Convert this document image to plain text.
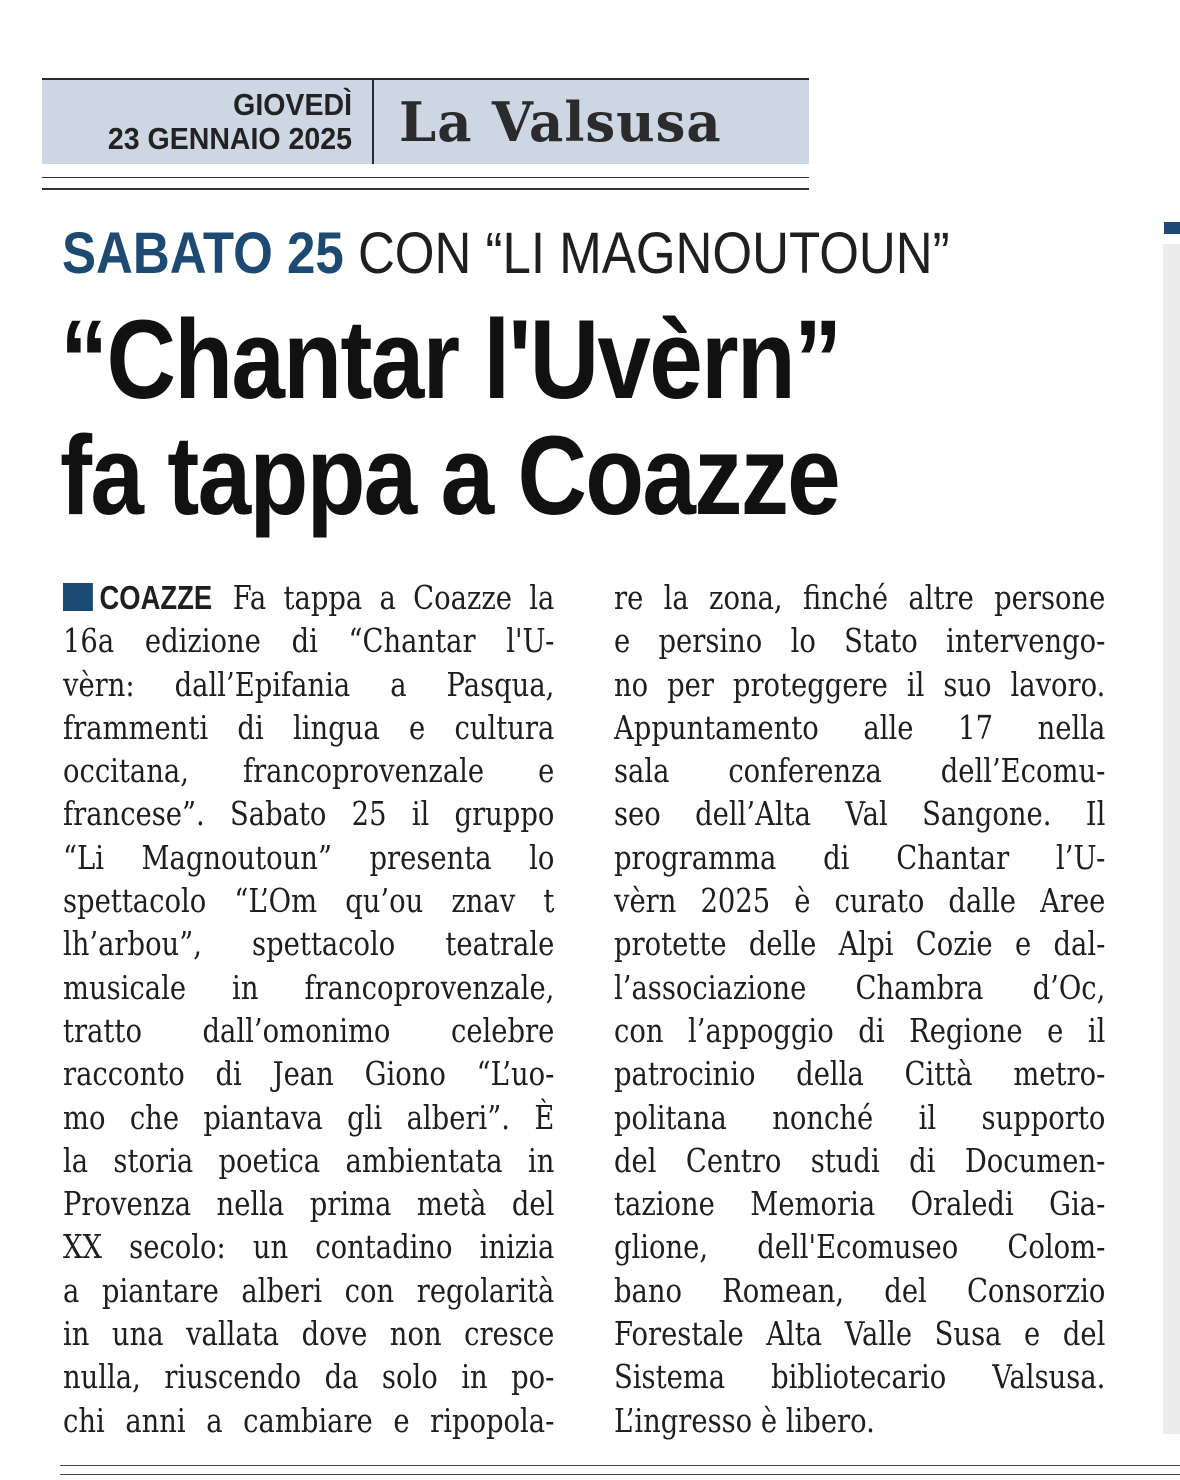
GIOVEDÌ
23 GENNAIO 2025 La Valsusa
SABATO 25 CON “LI MAGNOUTOUN”
“Chantar l'Uvèrn”
fa tappa a Coazze
COAZZE Fa tappa a Coazze la
16a edizione di “Chantar l'U-
vèrn: dall’Epifania a Pasqua,
frammenti di lingua e cultura
occitana, francoprovenzale e
francese”. Sabato 25 il gruppo
“Li Magnoutoun” presenta lo
spettacolo “L’Om qu’ou znav t
lh’arbou”, spettacolo teatrale
musicale in francoprovenzale,
tratto dall’omonimo celebre
racconto di Jean Giono “L’uo-
mo che piantava gli alberi”. È
la storia poetica ambientata in
Provenza nella prima metà del
XX secolo: un contadino inizia
a piantare alberi con regolarità
in una vallata dove non cresce
nulla, riuscendo da solo in po-
chi anni a cambiare e ripopola-
re la zona, finché altre persone
e persino lo Stato intervengo-
no per proteggere il suo lavoro.
Appuntamento alle 17 nella
sala conferenza dell’Ecomu-
seo dell’Alta Val Sangone. Il
programma di Chantar l’U-
vèrn 2025 è curato dalle Aree
protette delle Alpi Cozie e dal-
l’associazione Chambra d’Oc,
con l’appoggio di Regione e il
patrocinio della Città metro-
politana nonché il supporto
del Centro studi di Documen-
tazione Memoria Oraledi Gia-
glione, dell'Ecomuseo Colom-
bano Romean, del Consorzio
Forestale Alta Valle Susa e del
Sistema bibliotecario Valsusa.
L’ingresso è libero.
